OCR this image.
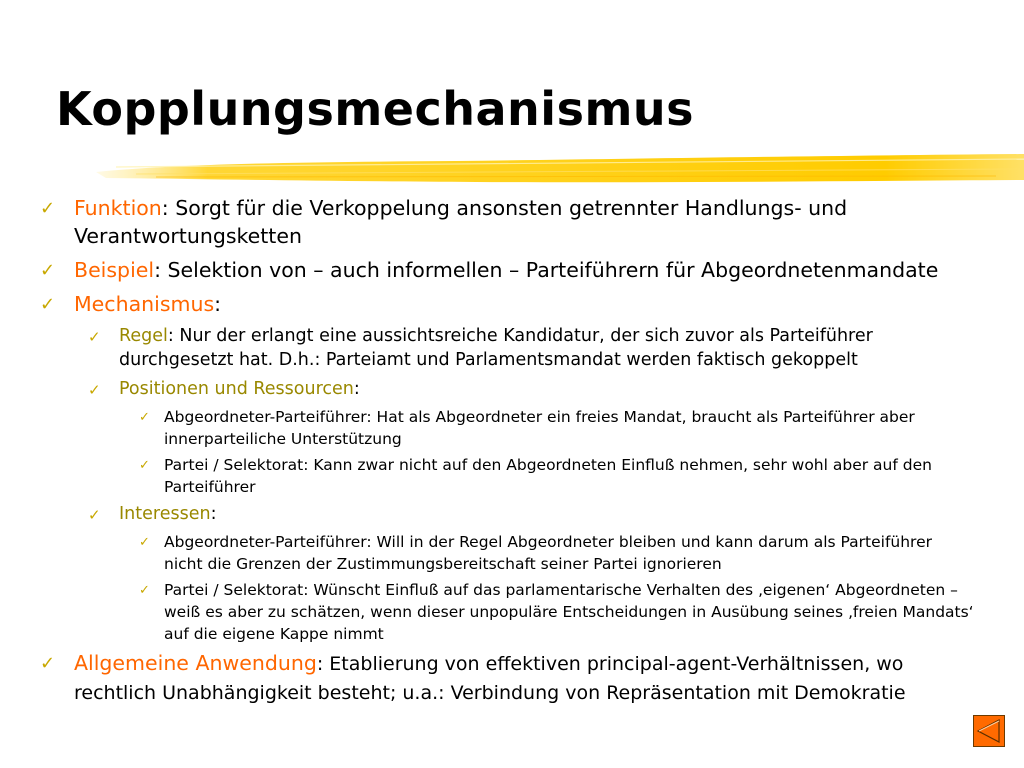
Kopplungsmechanismus
✓ Funktion: Sorgt für die Verkoppelung ansonsten getrennter Handlungs- und Verantwortungsketten
✓ Beispiel: Selektion von – auch informellen – Parteiführern für Abgeordnetenmandate
✓ Mechanismus:
✓ Regel: Nur der erlangt eine aussichtsreiche Kandidatur, der sich zuvor als Parteiführer durchgesetzt hat. D.h.: Parteiamt und Parlamentsmandat werden faktisch gekoppelt
✓ Positionen und Ressourcen:
✓ Abgeordneter-Parteiführer: Hat als Abgeordneter ein freies Mandat, braucht als Parteiführer aber innerparteiliche Unterstützung
✓ Partei / Selektorat: Kann zwar nicht auf den Abgeordneten Einfluß nehmen, sehr wohl aber auf den Parteiführer
✓ Interessen:
✓ Abgeordneter-Parteiführer: Will in der Regel Abgeordneter bleiben und kann darum als Parteiführer nicht die Grenzen der Zustimmungsbereitschaft seiner Partei ignorieren
✓ Partei / Selektorat: Wünscht Einfluß auf das parlamentarische Verhalten des ‚eigenen‘ Abgeordneten – weiß es aber zu schätzen, wenn dieser unpopuläre Entscheidungen in Ausübung seines ‚freien Mandats‘ auf die eigene Kappe nimmt
✓ Allgemeine Anwendung: Etablierung von effektiven principal-agent-Verhältnissen, wo rechtlich Unabhängigkeit besteht; u.a.: Verbindung von Repräsentation mit Demokratie
